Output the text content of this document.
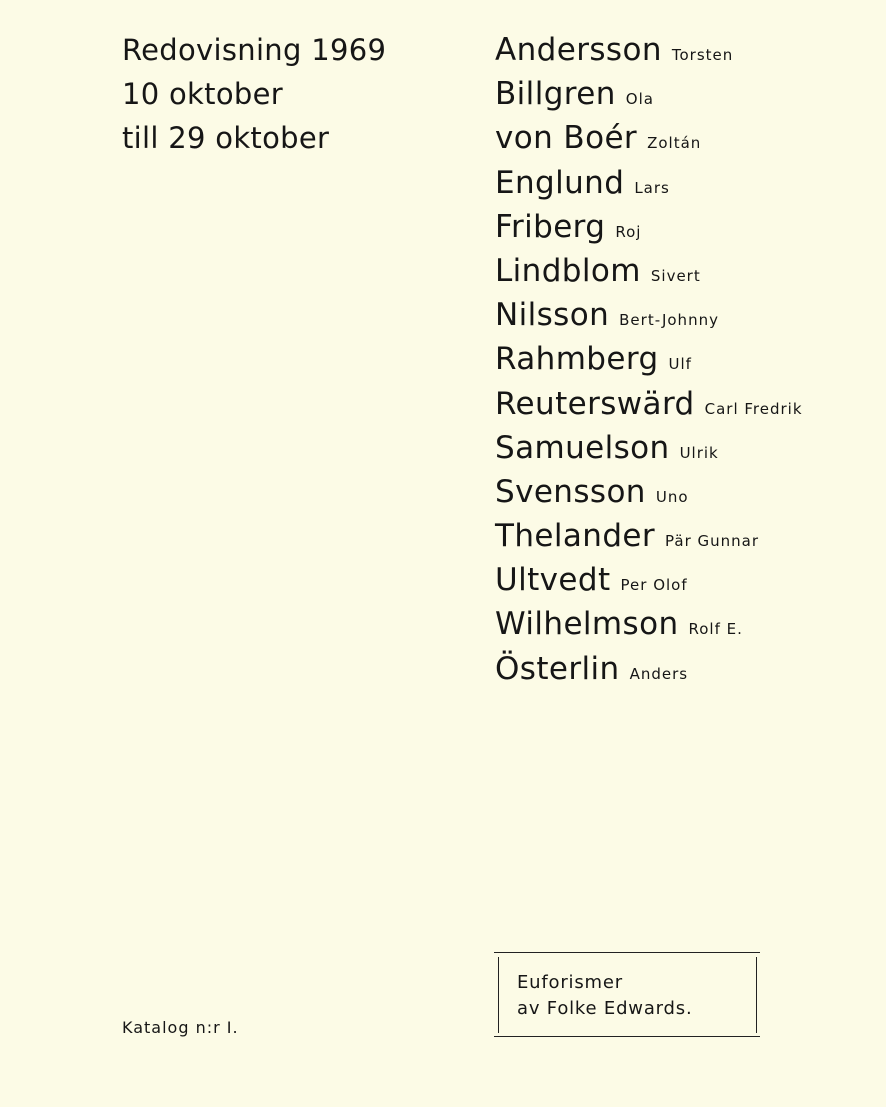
Redovisning 1969
10 oktober
till 29 oktober
Andersson Torsten
Billgren Ola
von Boér Zoltán
Englund Lars
Friberg Roj
Lindblom Sivert
Nilsson Bert-Johnny
Rahmberg Ulf
Reuterswärd Carl Fredrik
Samuelson Ulrik
Svensson Uno
Thelander Pär Gunnar
Ultvedt Per Olof
Wilhelmson Rolf E.
Österlin Anders
Katalog n:r I.
Euforismer
av Folke Edwards.
